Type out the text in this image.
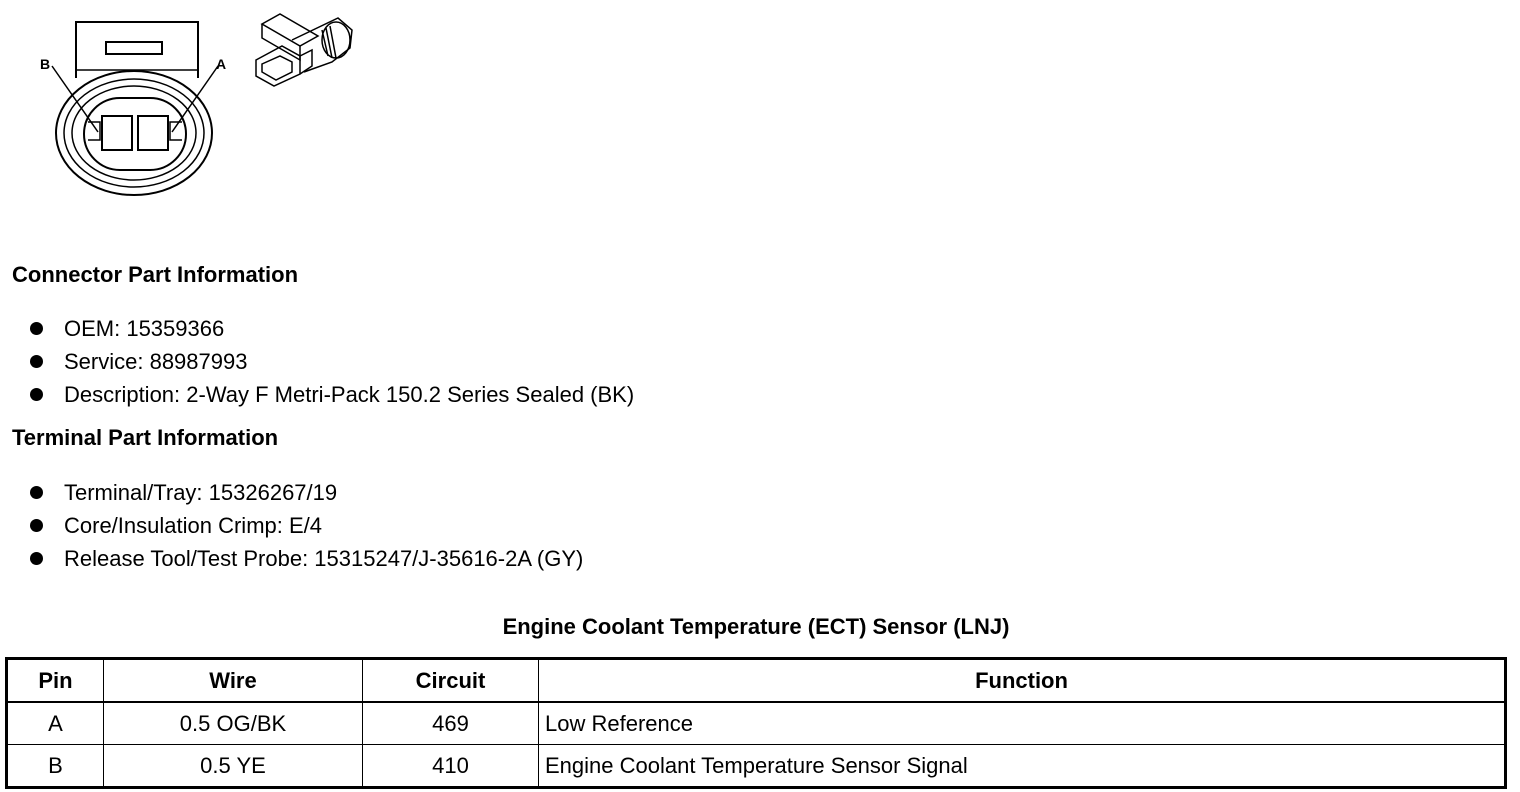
B	A
Connector Part Information
OEM: 15359366
Service: 88987993
Description: 2-Way F Metri-Pack 150.2 Series Sealed (BK)
Terminal Part Information
Terminal/Tray: 15326267/19
Core/Insulation Crimp: E/4
Release Tool/Test Probe: 15315247/J-35616-2A (GY)
Engine Coolant Temperature (ECT) Sensor (LNJ)
Pin	Wire	Circuit	Function
A	0.5 OG/BK	469	Low Reference
B	0.5 YE	410	Engine Coolant Temperature Sensor Signal
